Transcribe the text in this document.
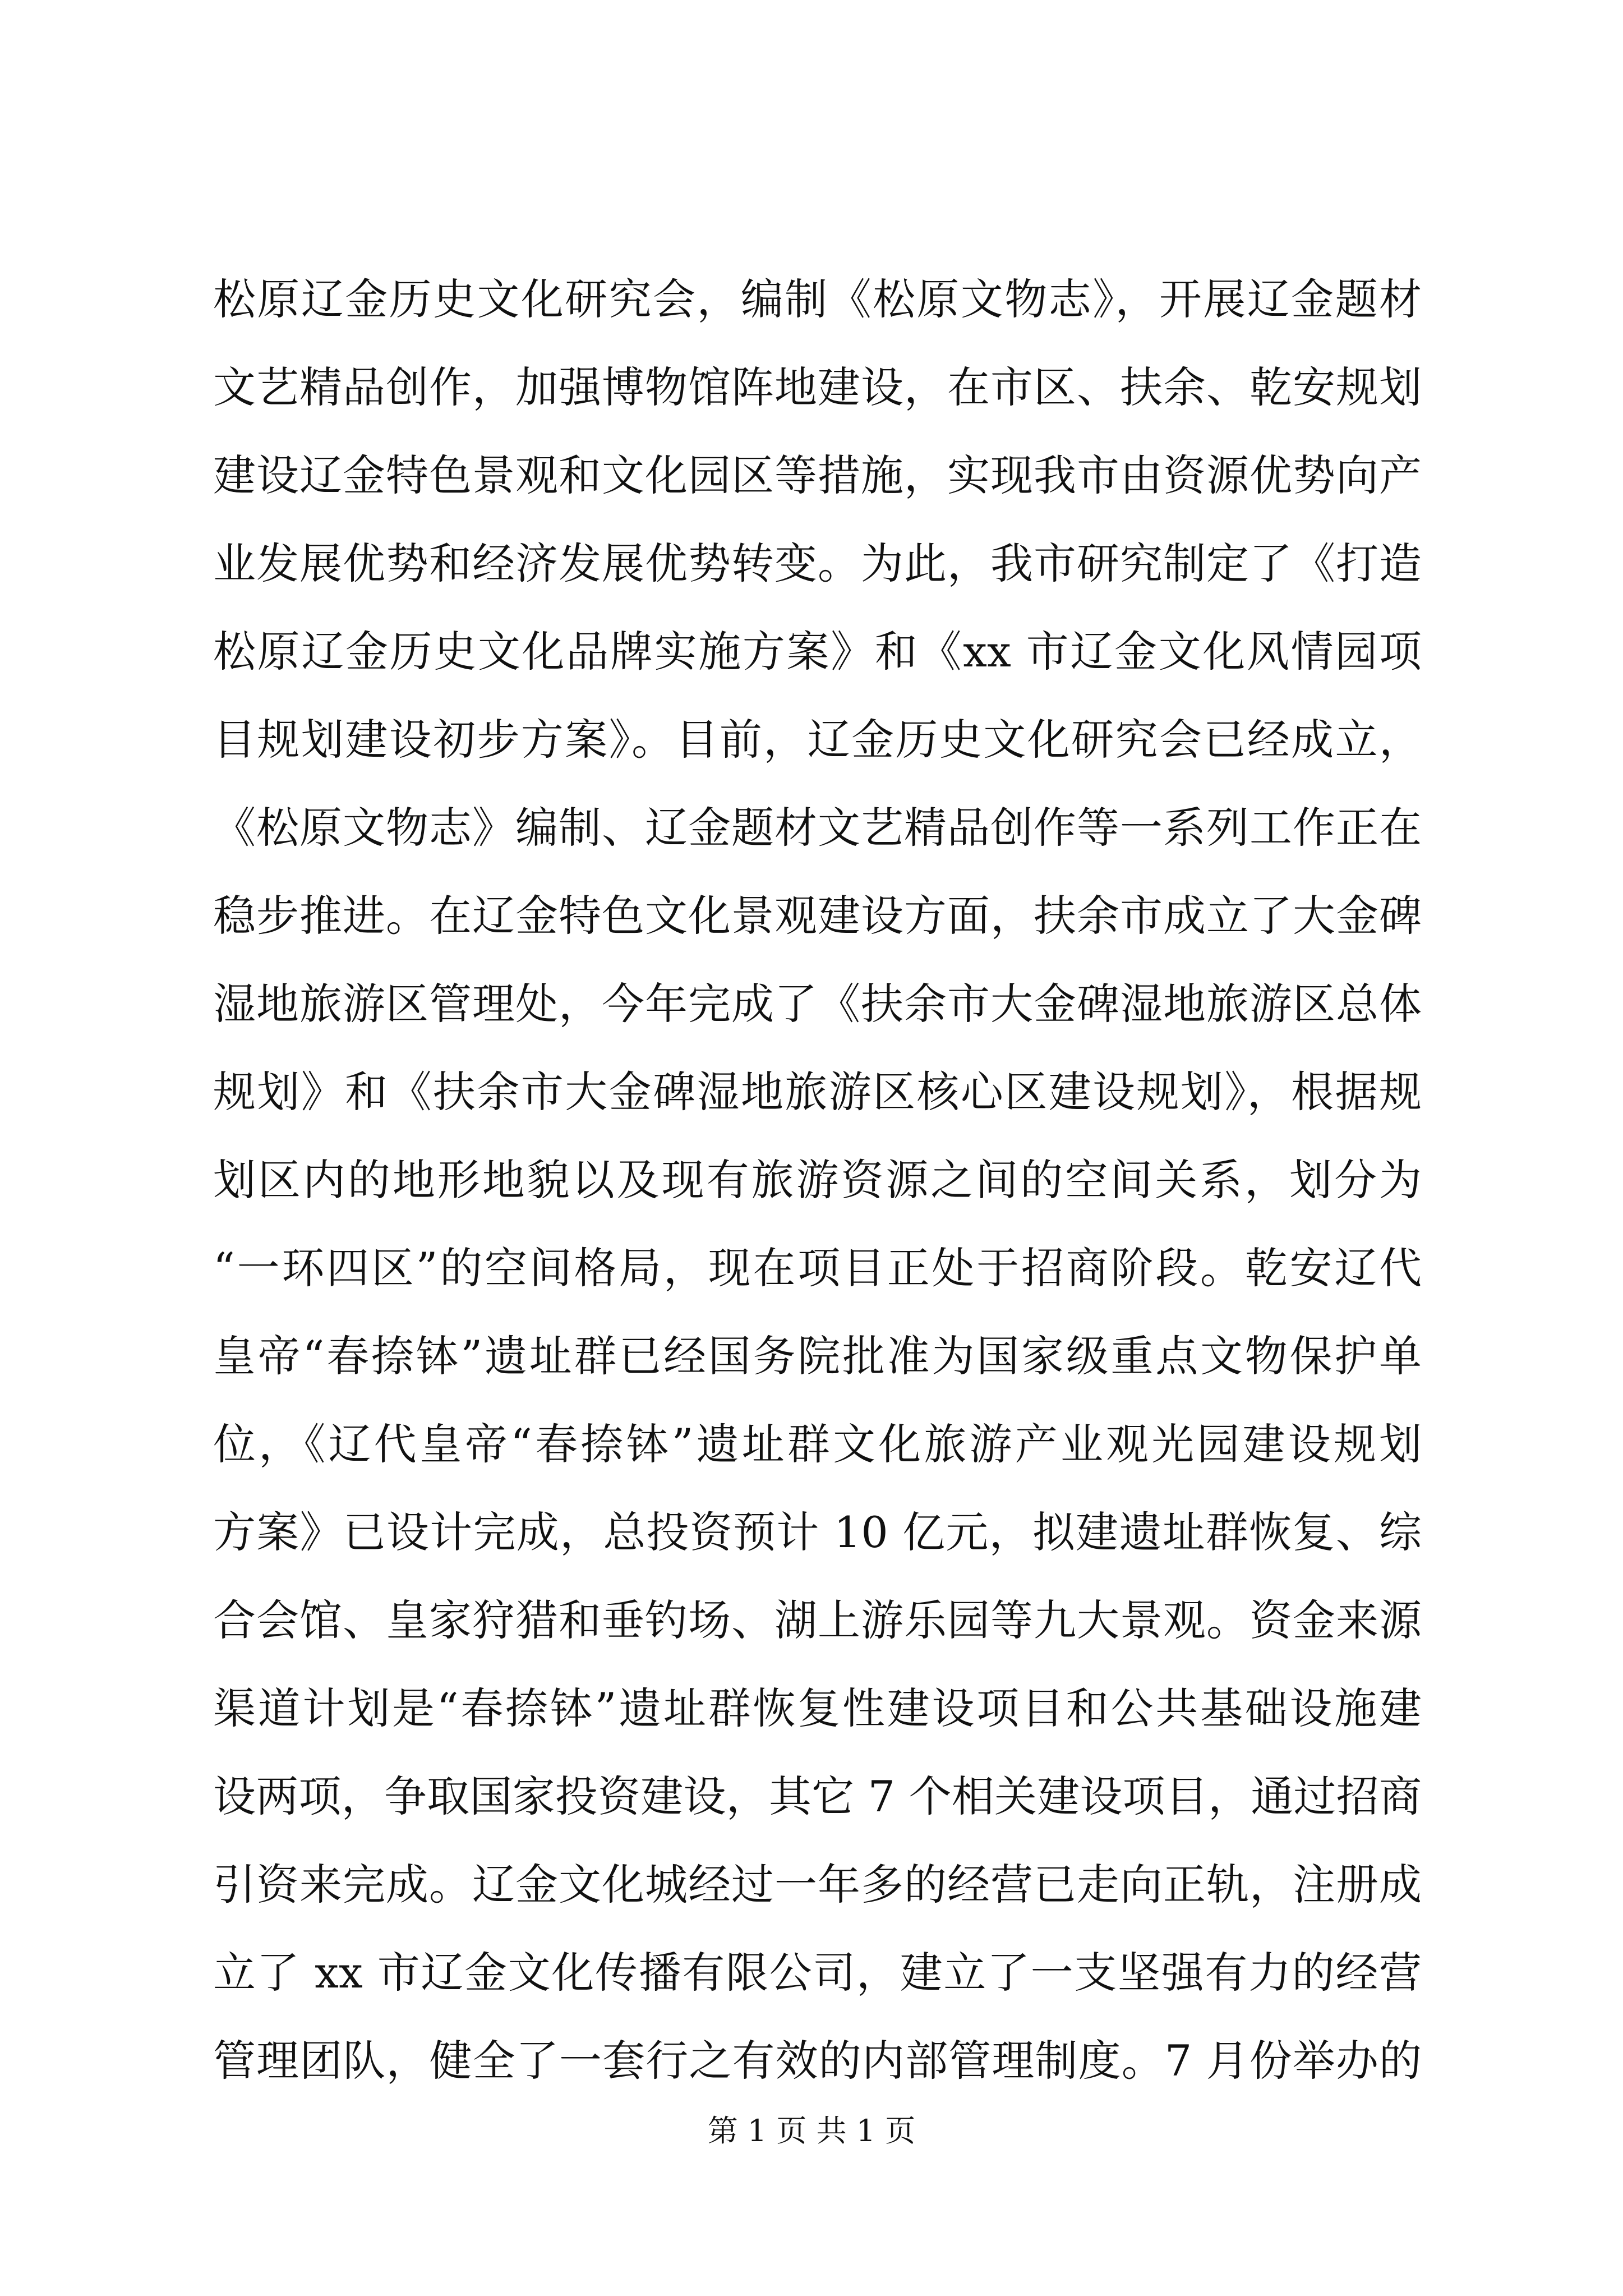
松原辽金历史文化研究会，编制《松原文物志》，开展辽金题材
文艺精品创作，加强博物馆阵地建设，在市区、扶余、乾安规划
建设辽金特色景观和文化园区等措施，实现我市由资源优势向产
业发展优势和经济发展优势转变。为此，我市研究制定了《打造
松原辽金历史文化品牌实施方案》和《xx 市辽金文化风情园项
目规划建设初步方案》。目前，辽金历史文化研究会已经成立，
《松原文物志》编制、辽金题材文艺精品创作等一系列工作正在
稳步推进。在辽金特色文化景观建设方面，扶余市成立了大金碑
湿地旅游区管理处，今年完成了《扶余市大金碑湿地旅游区总体
规划》和《扶余市大金碑湿地旅游区核心区建设规划》，根据规
划区内的地形地貌以及现有旅游资源之间的空间关系，划分为
“一环四区”的空间格局，现在项目正处于招商阶段。乾安辽代
皇帝“春捺钵”遗址群已经国务院批准为国家级重点文物保护单
位，《辽代皇帝“春捺钵”遗址群文化旅游产业观光园建设规划
方案》已设计完成，总投资预计 10 亿元，拟建遗址群恢复、综
合会馆、皇家狩猎和垂钓场、湖上游乐园等九大景观。资金来源
渠道计划是“春捺钵”遗址群恢复性建设项目和公共基础设施建
设两项，争取国家投资建设，其它 7 个相关建设项目，通过招商
引资来完成。辽金文化城经过一年多的经营已走向正轨，注册成
立了 xx 市辽金文化传播有限公司，建立了一支坚强有力的经营
管理团队，健全了一套行之有效的内部管理制度。7 月份举办的
第 1 页 共 1 页
